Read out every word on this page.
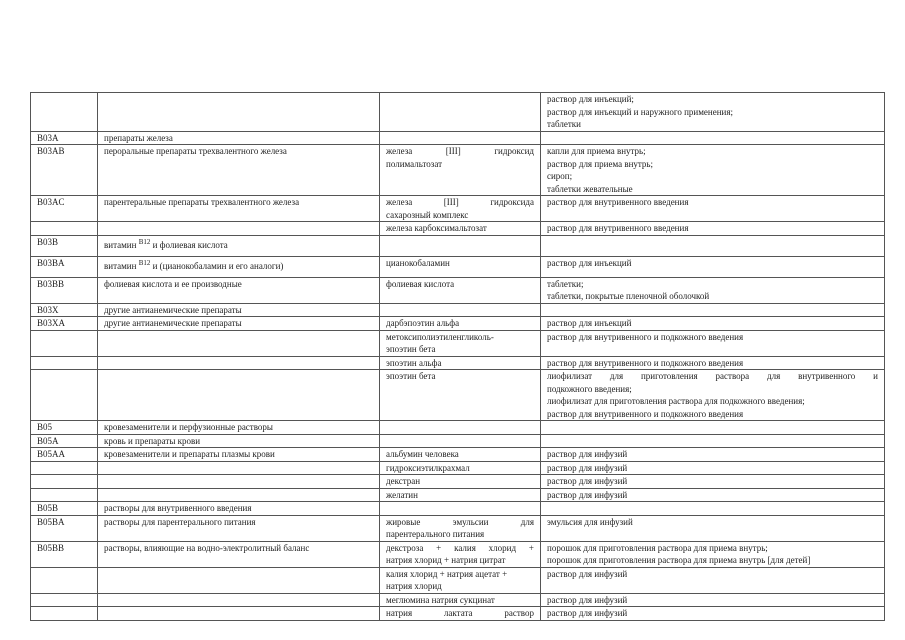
			раствор для инъекций;
раствор для инъекций и наружного применения;
таблетки

B03A	препараты железа		
B03AB	пероральные препараты трехвалентного железа	железа [III] гидроксид
полимальтозат	капли для приема внутрь;
раствор для приема внутрь;
сироп;
таблетки жевательные

B03AC	парентеральные препараты трехвалентного железа	железа [III] гидроксида
сахарозный комплекс	раствор для внутривенного введения

		железа карбоксимальтозат	раствор для внутривенного введения

B03B	витамин $^{B12}$ и фолиевая кислота		
B03BA	витамин $^{B12}$ и (цианокобаламин и его аналоги)	цианокобаламин	раствор для инъекций

B03BB	фолиевая кислота и ее производные	фолиевая кислота	таблетки;
таблетки, покрытые пленочной оболочкой

B03X	другие антианемические препараты		
B03XA	другие антианемические препараты	дарбэпоэтин альфа	раствор для инъекций

		метоксиполиэтиленгликоль-
эпоэтин бета	раствор для внутривенного и подкожного введения

		эпоэтин альфа	раствор для внутривенного и подкожного введения

		эпоэтин бета	лиофилизат для приготовления раствора для внутривенного и
подкожного введения;
лиофилизат для приготовления раствора для подкожного введения;
раствор для внутривенного и подкожного введения

B05	кровезаменители и перфузионные растворы		
B05A	кровь и препараты крови		
B05AA	кровезаменители и препараты плазмы крови	альбумин человека	раствор для инфузий

		гидроксиэтилкрахмал	раствор для инфузий

		декстран	раствор для инфузий

		желатин	раствор для инфузий

B05B	растворы для внутривенного введения		
B05BA	растворы для парентерального питания	жировые эмульсии для
парентерального питания	эмульсия для инфузий

B05BB	растворы, влияющие на водно-электролитный баланс	декстроза + калия хлорид +
натрия хлорид + натрия цитрат	порошок для приготовления раствора для приема внутрь;
порошок для приготовления раствора для приема внутрь [для детей]

		калия хлорид + натрия ацетат +
натрия хлорид	раствор для инфузий

		меглюмина натрия сукцинат	раствор для инфузий

		натрия лактата раствор	раствор для инфузий
